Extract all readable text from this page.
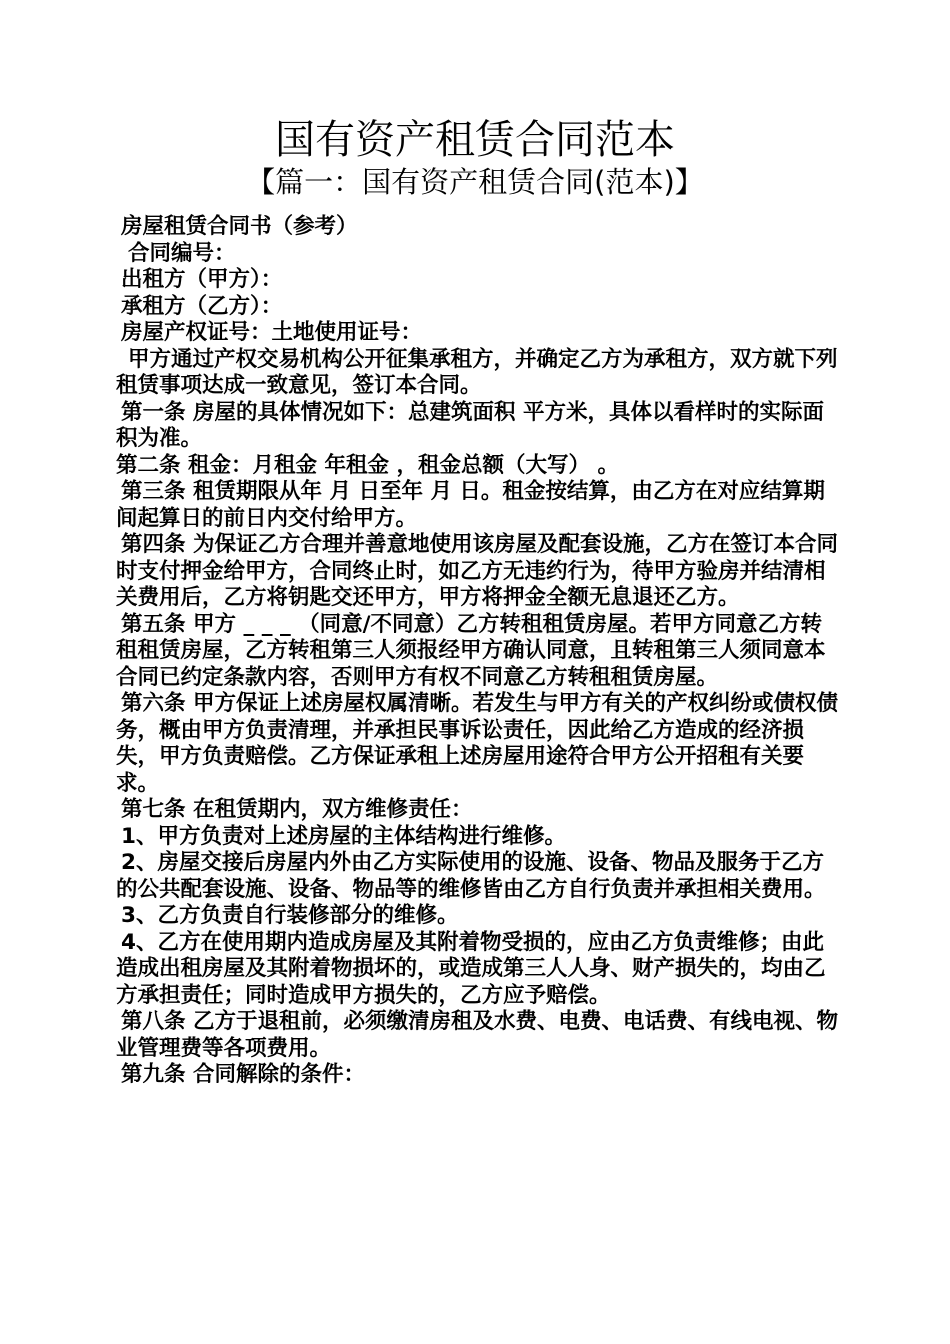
国有资产租赁合同范本
【篇一：国有资产租赁合同(范本)】

房屋租赁合同书（参考）

合同编号：

出租方（甲方）：

承租方（乙方）：

房屋产权证号：土地使用证号：

甲方通过产权交易机构公开征集承租方，并确定乙方为承租方，双方就下列租赁事项达成一致意见，签订本合同。

第一条 房屋的具体情况如下：总建筑面积 平方米，具体以看样时的实际面积为准。

第二条 租金：月租金 年租金 ，租金总额（大写） 。

第三条 租赁期限从年 月 日至年 月 日。租金按结算，由乙方在对应结算期间起算日的前日内交付给甲方。

第四条 为保证乙方合理并善意地使用该房屋及配套设施，乙方在签订本合同时支付押金给甲方，合同终止时，如乙方无违约行为，待甲方验房并结清相关费用后，乙方将钥匙交还甲方，甲方将押金全额无息退还乙方。

第五条 甲方 _ _ _ （同意/不同意）乙方转租租赁房屋。若甲方同意乙方转租租赁房屋，乙方转租第三人须报经甲方确认同意，且转租第三人须同意本合同已约定条款内容，否则甲方有权不同意乙方转租租赁房屋。

第六条 甲方保证上述房屋权属清晰。若发生与甲方有关的产权纠纷或债权债务，概由甲方负责清理，并承担民事诉讼责任，因此给乙方造成的经济损失，甲方负责赔偿。乙方保证承租上述房屋用途符合甲方公开招租有关要求。

第七条 在租赁期内，双方维修责任：

1、甲方负责对上述房屋的主体结构进行维修。

2、房屋交接后房屋内外由乙方实际使用的设施、设备、物品及服务于乙方的公共配套设施、设备、物品等的维修皆由乙方自行负责并承担相关费用。

3、乙方负责自行装修部分的维修。

4、乙方在使用期内造成房屋及其附着物受损的，应由乙方负责维修；由此造成出租房屋及其附着物损坏的，或造成第三人人身、财产损失的，均由乙方承担责任；同时造成甲方损失的，乙方应予赔偿。

第八条 乙方于退租前，必须缴清房租及水费、电费、电话费、有线电视、物业管理费等各项费用。

第九条 合同解除的条件：
